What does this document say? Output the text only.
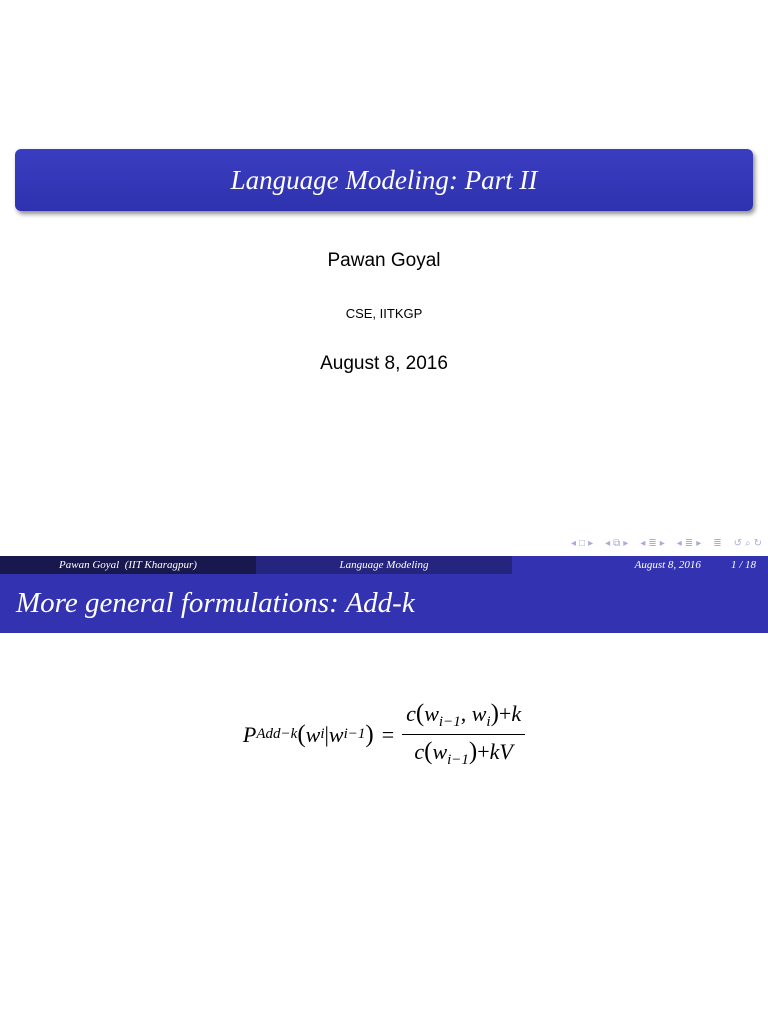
Language Modeling: Part II
Pawan Goyal
CSE, IITKGP
August 8, 2016
◂ □ ▸ ◂ ⧉ ▸ ◂ ≣ ▸ ◂ ≣ ▸ ≣ ↺ ⌕ ↻
Pawan Goyal  (IIT Kharagpur)	Language Modeling	August 8, 2016	1 / 18
More general formulations: Add-k
P Add−k ( w i | w i−1 ) = $\frac{c(w_{i-1}, w_i)+k}{c(w_{i-1})+kV}$
